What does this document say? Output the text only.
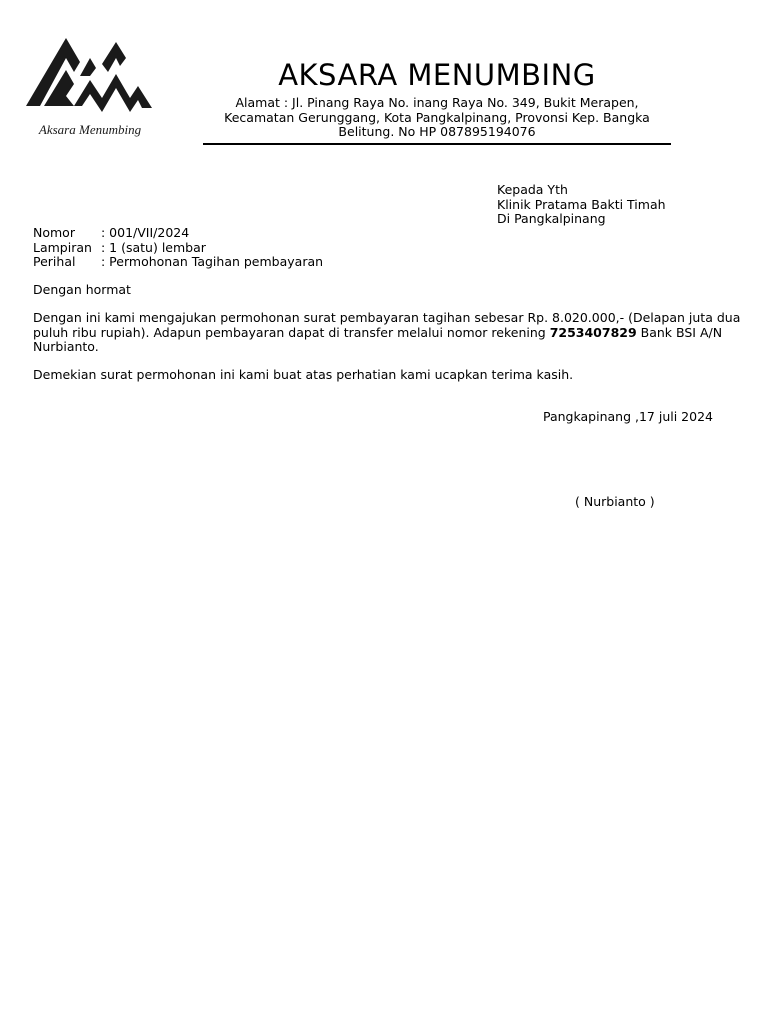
Aksara Menumbing
AKSARA MENUMBING
Alamat : Jl. Pinang Raya No. inang Raya No. 349, Bukit Merapen, Kecamatan Gerunggang, Kota Pangkalpinang, Provonsi Kep. Bangka Belitung. No HP 087895194076
Kepada Yth
Klinik Pratama Bakti Timah
Di Pangkalpinang
Nomor : 001/VII/2024
Lampiran : 1 (satu) lembar
Perihal : Permohonan Tagihan pembayaran
Dengan hormat
Dengan ini kami mengajukan permohonan surat pembayaran tagihan sebesar Rp. 8.020.000,- (Delapan juta dua puluh ribu rupiah). Adapun pembayaran dapat di transfer melalui nomor rekening 7253407829 Bank BSI A/N Nurbianto.
Demekian surat permohonan ini kami buat atas perhatian kami ucapkan terima kasih.
Pangkapinang ,17 juli 2024
( Nurbianto )
